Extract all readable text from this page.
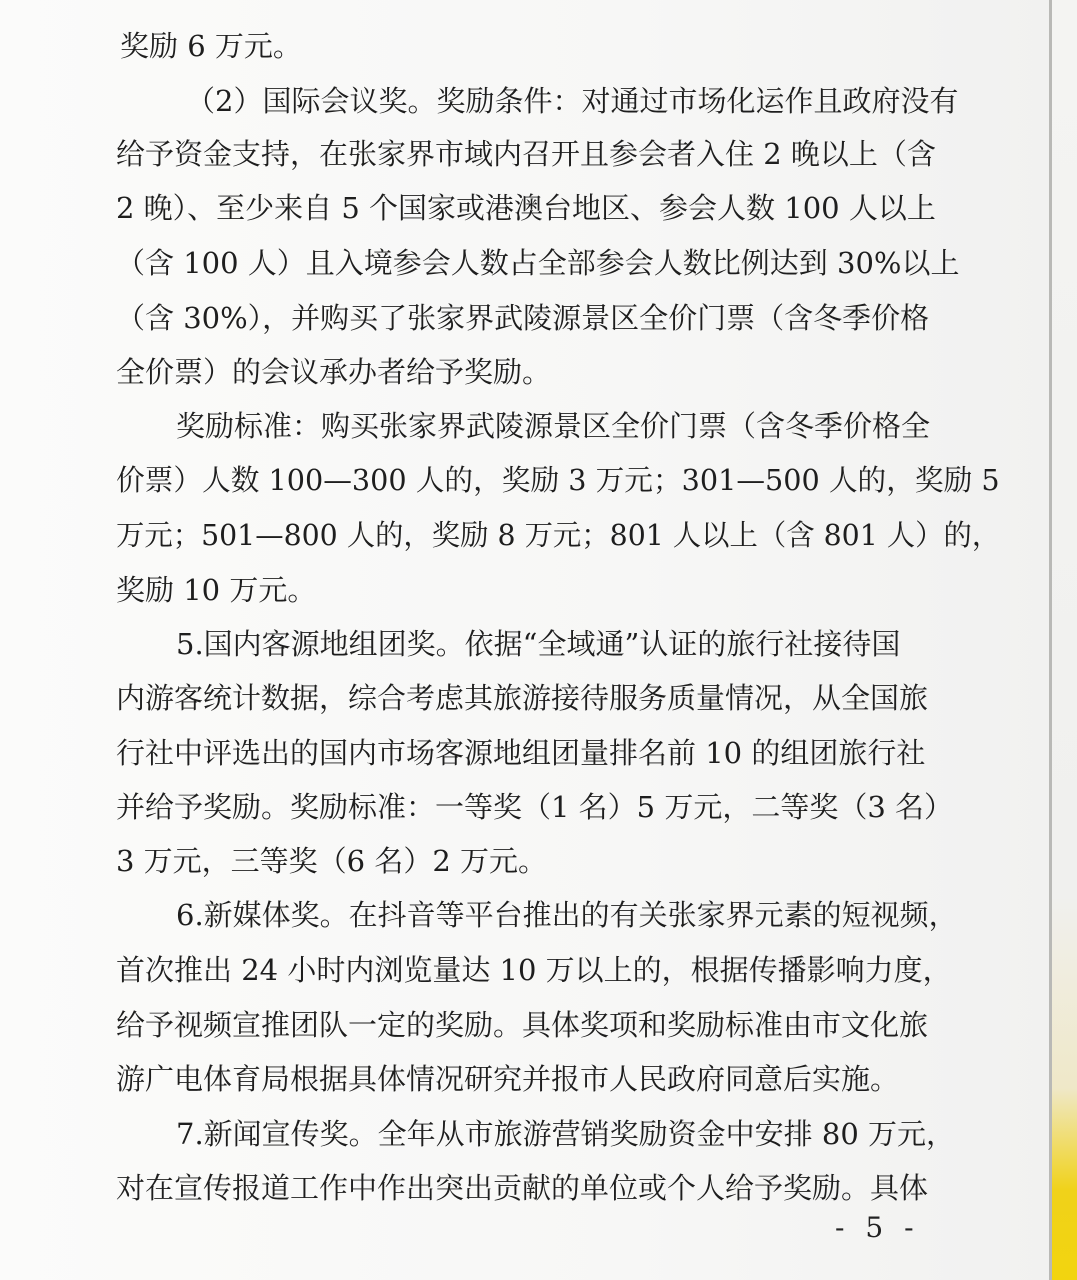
奖励 6 万元。
（2）国际会议奖。奖励条件：对通过市场化运作且政府没有
给予资金支持，在张家界市域内召开且参会者入住 2 晚以上（含
2 晚）、至少来自 5 个国家或港澳台地区、参会人数 100 人以上
（含 100 人）且入境参会人数占全部参会人数比例达到 30%以上
（含 30%），并购买了张家界武陵源景区全价门票（含冬季价格
全价票）的会议承办者给予奖励。
奖励标准：购买张家界武陵源景区全价门票（含冬季价格全
价票）人数 100—300 人的，奖励 3 万元；301—500 人的，奖励 5
万元；501—800 人的，奖励 8 万元；801 人以上（含 801 人）的，
奖励 10 万元。
5.国内客源地组团奖。依据“全域通”认证的旅行社接待国
内游客统计数据，综合考虑其旅游接待服务质量情况，从全国旅
行社中评选出的国内市场客源地组团量排名前 10 的组团旅行社
并给予奖励。奖励标准：一等奖（1 名）5 万元，二等奖（3 名）
3 万元，三等奖（6 名）2 万元。
6.新媒体奖。在抖音等平台推出的有关张家界元素的短视频，
首次推出 24 小时内浏览量达 10 万以上的，根据传播影响力度，
给予视频宣推团队一定的奖励。具体奖项和奖励标准由市文化旅
游广电体育局根据具体情况研究并报市人民政府同意后实施。
7.新闻宣传奖。全年从市旅游营销奖励资金中安排 80 万元，
对在宣传报道工作中作出突出贡献的单位或个人给予奖励。具体
- 5 -
